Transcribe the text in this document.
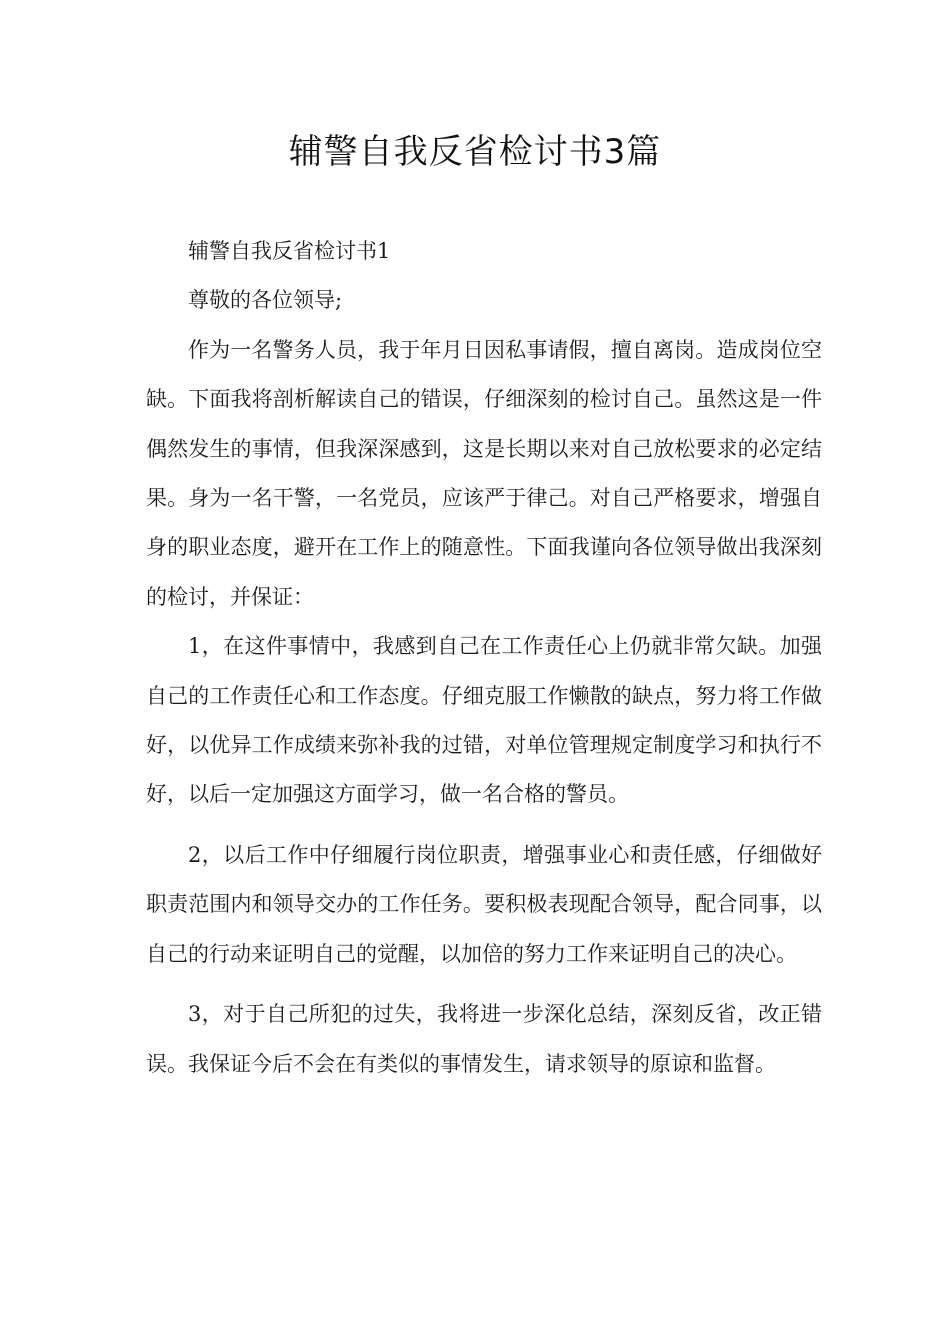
辅警自我反省检讨书3篇

辅警自我反省检讨书1

尊敬的各位领导;

作为一名警务人员，我于年月日因私事请假，擅自离岗。造成岗位空缺。下面我将剖析解读自己的错误，仔细深刻的检讨自己。虽然这是一件偶然发生的事情，但我深深感到，这是长期以来对自己放松要求的必定结果。身为一名干警，一名党员，应该严于律己。对自己严格要求，增强自身的职业态度，避开在工作上的随意性。下面我谨向各位领导做出我深刻的检讨，并保证：

1，在这件事情中，我感到自己在工作责任心上仍就非常欠缺。加强自己的工作责任心和工作态度。仔细克服工作懒散的缺点，努力将工作做好，以优异工作成绩来弥补我的过错，对单位管理规定制度学习和执行不好，以后一定加强这方面学习，做一名合格的警员。

2，以后工作中仔细履行岗位职责，增强事业心和责任感，仔细做好职责范围内和领导交办的工作任务。要积极表现配合领导，配合同事，以自己的行动来证明自己的觉醒，以加倍的努力工作来证明自己的决心。

3，对于自己所犯的过失，我将进一步深化总结，深刻反省，改正错误。我保证今后不会在有类似的事情发生，请求领导的原谅和监督。
